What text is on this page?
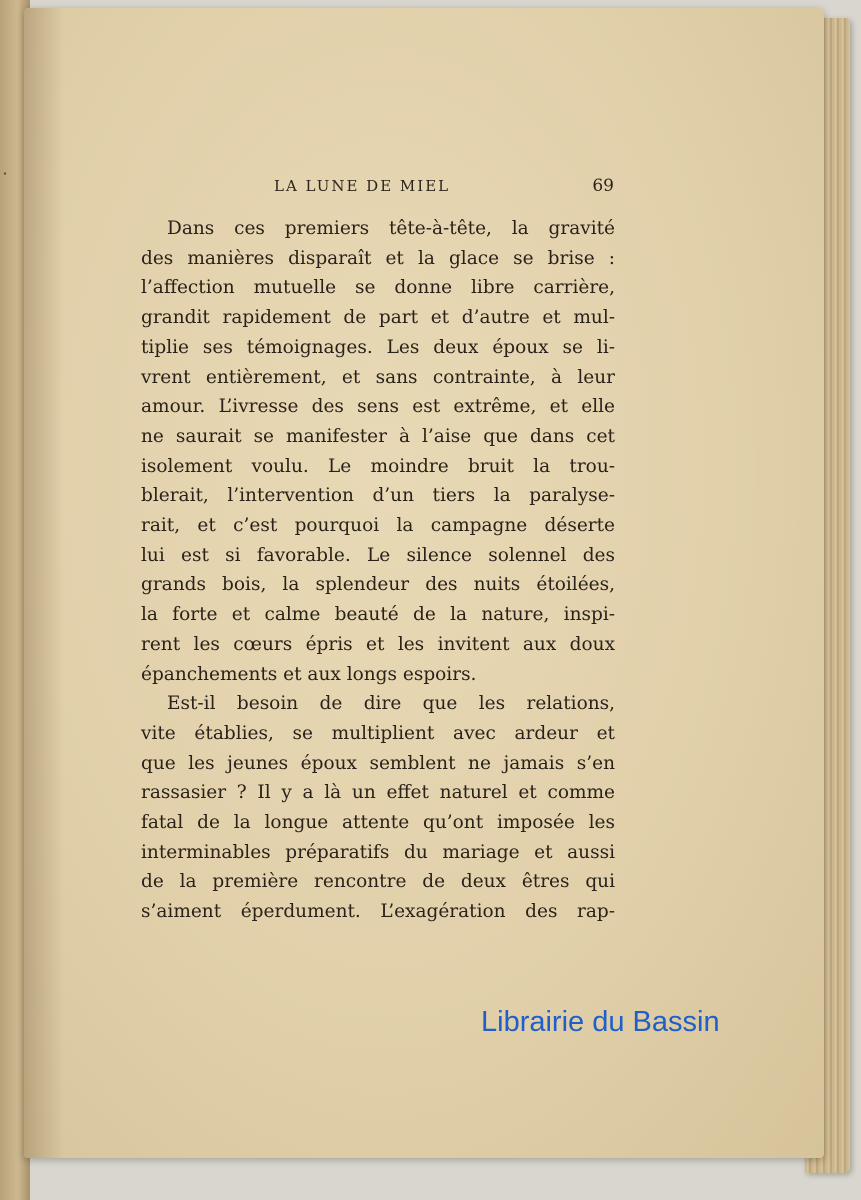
·
LA LUNE DE MIEL	69

Dans ces premiers tête-à-tête, la gravité
des manières disparaît et la glace se brise :
l’affection mutuelle se donne libre carrière,
grandit rapidement de part et d’autre et mul-
tiplie ses témoignages. Les deux époux se li-
vrent entièrement, et sans contrainte, à leur
amour. L’ivresse des sens est extrême, et elle
ne saurait se manifester à l’aise que dans cet
isolement voulu. Le moindre bruit la trou-
blerait, l’intervention d’un tiers la paralyse-
rait, et c’est pourquoi la campagne déserte
lui est si favorable. Le silence solennel des
grands bois, la splendeur des nuits étoilées,
la forte et calme beauté de la nature, inspi-
rent les cœurs épris et les invitent aux doux
épanchements et aux longs espoirs.

Est-il besoin de dire que les relations,
vite établies, se multiplient avec ardeur et
que les jeunes époux semblent ne jamais s’en
rassasier ? Il y a là un effet naturel et comme
fatal de la longue attente qu’ont imposée les
interminables préparatifs du mariage et aussi
de la première rencontre de deux êtres qui
s’aiment éperdument. L’exagération des rap-

Librairie du Bassin
